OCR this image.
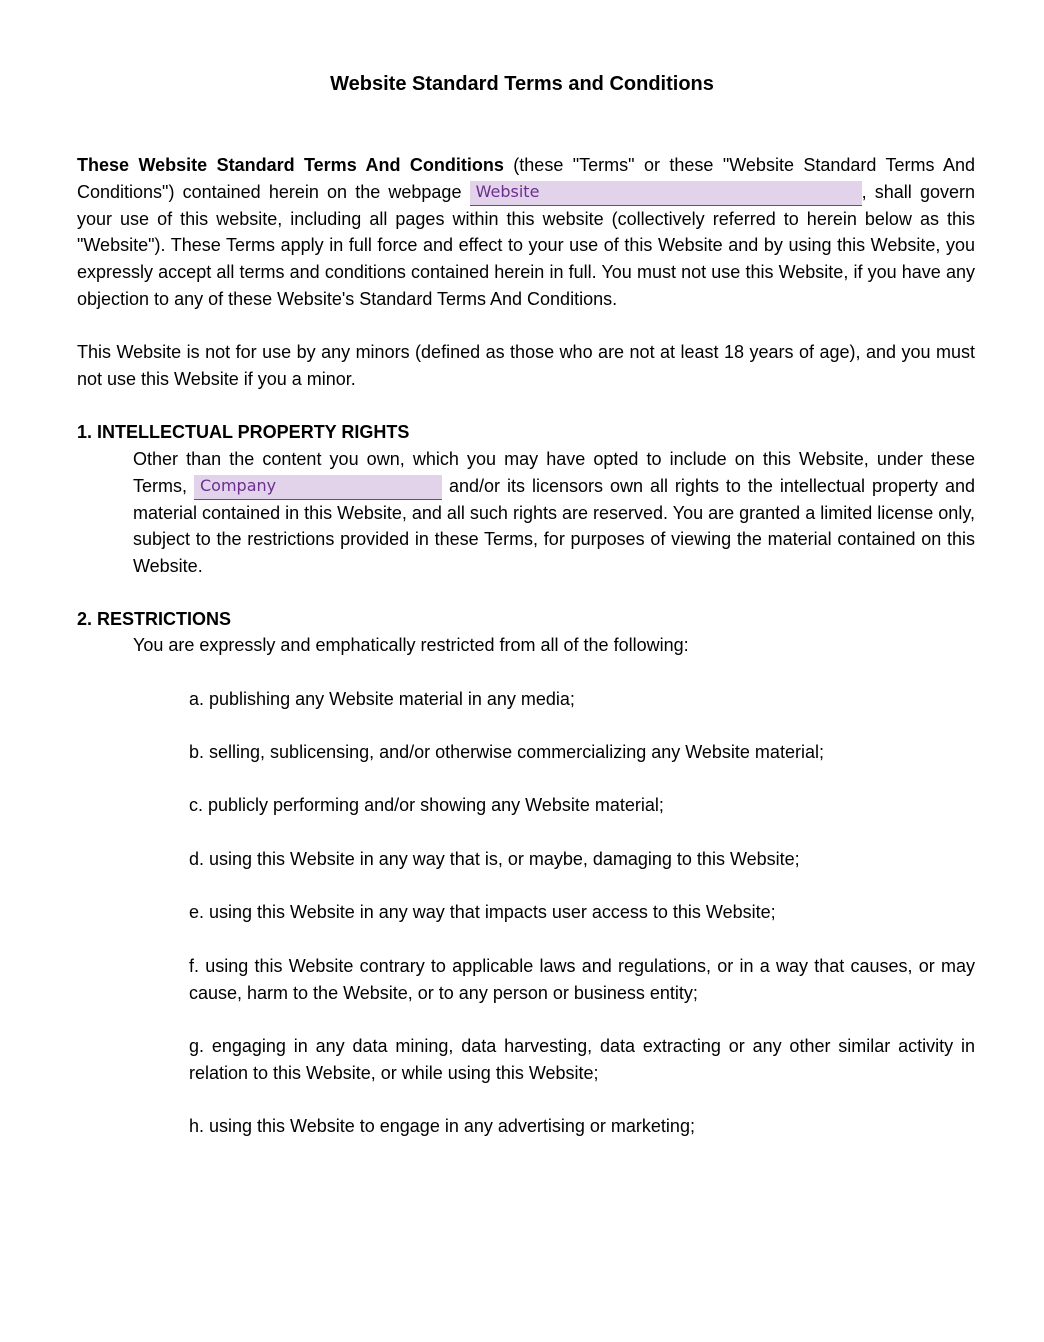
Website Standard Terms and Conditions

These Website Standard Terms And Conditions (these "Terms" or these "Website Standard Terms And Conditions") contained herein on the webpage Website	, shall govern your use of this website, including all pages within this website (collectively referred to herein below as this "Website"). These Terms apply in full force and effect to your use of this Website and by using this Website, you expressly accept all terms and conditions contained herein in full. You must not use this Website, if you have any objection to any of these Website's Standard Terms And Conditions.

This Website is not for use by any minors (defined as those who are not at least 18 years of age), and you must not use this Website if you a minor.

1. INTELLECTUAL PROPERTY RIGHTS

Other than the content you own, which you may have opted to include on this Website, under these Terms, Company	and/or its licensors own all rights to the intellectual property and material contained in this Website, and all such rights are reserved. You are granted a limited license only, subject to the restrictions provided in these Terms, for purposes of viewing the material contained on this Website.

2. RESTRICTIONS

You are expressly and emphatically restricted from all of the following:

a. publishing any Website material in any media;

b. selling, sublicensing, and/or otherwise commercializing any Website material;

c. publicly performing and/or showing any Website material;

d. using this Website in any way that is, or maybe, damaging to this Website;

e. using this Website in any way that impacts user access to this Website;

f. using this Website contrary to applicable laws and regulations, or in a way that causes, or may cause, harm to the Website, or to any person or business entity;

g. engaging in any data mining, data harvesting, data extracting or any other similar activity in relation to this Website, or while using this Website;

h. using this Website to engage in any advertising or marketing;
